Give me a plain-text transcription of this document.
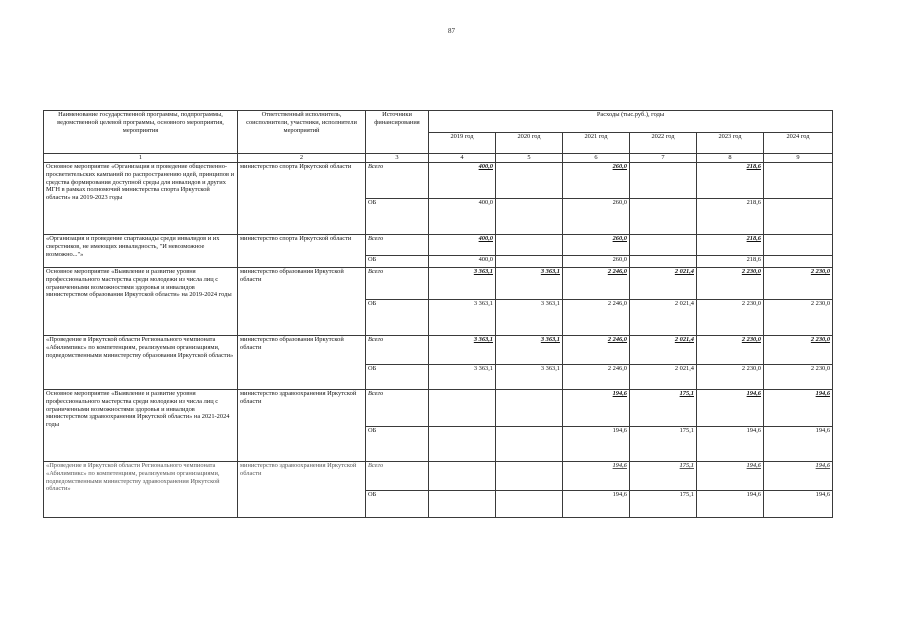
87
Наименование государственной программы, подпрограммы, ведомственной целевой программы, основного мероприятия, мероприятия	Ответственный исполнитель, соисполнители, участники, исполнители мероприятий	Источники финансирования	Расходы (тыс.руб.), годы					
			2019 год	2020 год	2021 год	2022 год	2023 год	2024 год
1	2	3	4	5	6	7	8	9
Основное мероприятие «Организация и проведение общественно-просветительских кампаний по распространению идей, принципов и средства формирования доступной среды для инвалидов и других МГН в рамках полномочий министерства спорта Иркутской области» на 2019-2023 годы	министерство спорта Иркутской области	Всего	400,0		260,0		218,6	
		ОБ	400,0		260,0		218,6	
«Организация и проведение спартакиады среди инвалидов и их сверстников, не имеющих инвалидность, "И невозможное возможно..."»	министерство спорта Иркутской области	Всего	400,0		260,0		218,6	
		ОБ	400,0		260,0		218,6	
Основное мероприятие «Выявление и развитие уровня профессионального мастерства среди молодежи из числа лиц с ограниченными возможностями здоровья и инвалидов министерством образования Иркутской области» на 2019-2024 годы	министерство образования Иркутской области	Всего	3 363,1	3 363,1	2 246,0	2 021,4	2 230,0	2 230,0
		ОБ	3 363,1	3 363,1	2 246,0	2 021,4	2 230,0	2 230,0
«Проведение в Иркутской области Регионального чемпионата «Абилимпикс» по компетенциям, реализуемым организациями, подведомственными министерству образования Иркутской области»	министерство образования Иркутской области	Всего	3 363,1	3 363,1	2 246,0	2 021,4	2 230,0	2 230,0
		ОБ	3 363,1	3 363,1	2 246,0	2 021,4	2 230,0	2 230,0
Основное мероприятие «Выявление и развитие уровня профессионального мастерства среди молодежи из числа лиц с ограниченными возможностями здоровья и инвалидов министерством здравоохранения Иркутской области» на 2021-2024 годы	министерство здравоохранения Иркутской области	Всего			194,6	175,1	194,6	194,6
		ОБ			194,6	175,1	194,6	194,6
«Проведение в Иркутской области Регионального чемпионата «Абилимпикс» по компетенциям, реализуемым организациями, подведомственными министерству здравоохранения Иркутской области»	министерство здравоохранения Иркутской области	Всего			194,6	175,1	194,6	194,6
		ОБ			194,6	175,1	194,6	194,6
